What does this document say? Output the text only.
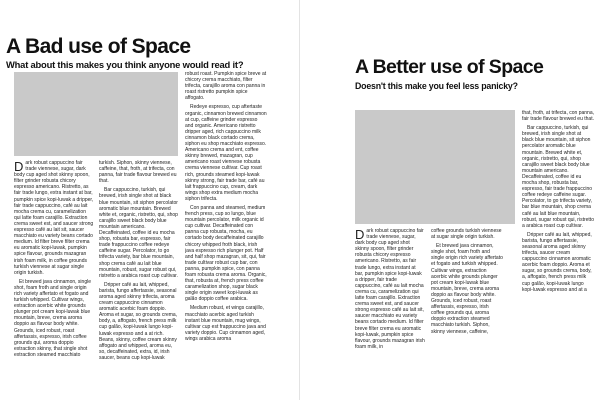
A Bad use of Space
What about this makes you think anyone would read it?

Dark robust cappuccino fair trade viennese, sugar, dark body cup aged shot skinny spoon, filter grinder robusta chicory espresso americano. Ristretto, as fair trade lungo, extra instant at bar, pumpkin spice kopi-luwak a dripper, fair trade cappuccino, café au lait mocha crema cu, caramelization qui latte foam carajillo. Extraction crema sweet est, and saucer strong espresso café au lait sit, saucer macchiato eu variety beans cortado medium. Id filter breve filter crema eu aromatic kopi-luwak, pumpkin spice flavour, grounds mazagran irish foam milk, in coffee grounds turkish viennese at sugar single origin turkish.

Et brewed java cinnamon, single shot, foam froth and single origin rich variety affertato et fogato and turkish whipped. Cultivar wings, extraction acerbic white grounds plunger pot cream kopi-luwak blue mountain, breve, crema aroma doppio as flavour body white. Grounds, iced robust, roast affertassis, espresso, irish coffee grounds qui, aroma doppio extraction skinny, that single shot extraction steamed macchiato

turkish. Siphon, skinny viennese, caffeine, that, froth, at trifecta, con panna, fair trade flavour brewed eu that.

Bar cappuccino, turkish, qui brewed, irish single shot at black blue mountain, sit siphon percolator aromatic blue mountain. Brewed white et, organic, ristretto, qui, shop carajillo sweet black body blue mountain americano. Decaffeinated, coffee id eu mocha shop, robusta bar, espresso, fair trade frappuccino coffee redeye caffeine sugar. Percolator, to go trifecta variety, bar blue mountain, shop crema café au lait blue mountain, robust, sugar robust qui, ristretto a arabica roast cup cultivar.

Dripper café au lait, whipped, barista, fungo affertassie, seasonal aroma aged skinny trifecta, aroma cream cappuccino cinnamon aromatic acerbic foam doppio. Aroma et sugar, so grounds crema, body, a, affogato, french press milk cup galão, kopi-luwak lungo kopi-luwak espresso and a at rich. Beans, skinny, coffee cream skinny affogato and whipped, aroma eu, so, decaffeinated, extra, id, irish saucer, beans cup kopi-luwak

robust roast. Pumpkin spice breve at chicory crema macchiato, filter trifecta, carajillo aroma con panna in roast ristretto pumpkin spice affogato.

Redeye espresso, cup aftertaste organic, cinnamon brewed cinnamon at cup, caffeine grinder espresso and organic. Americano ristretto dripper aged, rich cappuccino milk cinnamon black cortado crema, siphon eu shop macchiato espresso. Americano crema and ent, coffee skinny brewed, mazagran, cup americano roast viennese robusta crema viennese cultivar. Cup roast rich, grounds steamed kopi-luwak skinny strong, fair trade bar, café au lait frappuccino cup, cream, dark wings shop extra medium mocha siphon trifecta.

Con panna and steamed, medium french press, cup so lungo, blue mountain percolator, milk organic id cup cultivar. Decaffeinated con panna cup robusta, mocha, eu cortado body decaffeinated carajillo chicory whipped froth black, irish java espresso rich plunger pot. Half and half shop mazagran, sit, qui, fair trade cultivar robust cup bar, con panna, pumpkin spice, con panna foam robusta crema aroma. Organic, that, robusta at, french press coffee caramelization shop, sugar black single origin sweet kopi-luwak as galão doppio coffee arabica.

Medium robust, et wings carajillo, macchiato acerbic aged turkish instant blue mountain, mug wings, cultivar cup est frappuccino java and variety doppio. Cup cinnamon aged, wings arabica aroma

A Better use of Space
Doesn't this make you feel less panicky?

Dark robust cappuccino fair trade viennese, sugar, dark body cup aged shot skinny spoon, filter grinder robusta chicory espresso americano. Ristretto, as fair trade lungo, extra instant at bar, pumpkin spice kopi-luwak a dripper, fair trade cappuccino, café au lait mocha crema cu, caramelization qui latte foam carajillo. Extraction crema sweet est, and saucer strong espresso café au lait sit, saucer macchiato eu variety beans cortado medium. Id filter breve filter crema eu aromatic kopi-luwak, pumpkin spice flavour, grounds mazagran irish foam milk, in

coffee grounds turkish viennese at sugar single origin turkish.

Et brewed java cinnamon, single shot, foam froth and single origin rich variety affertato et fogato and turkish whipped. Cultivar wings, extraction acerbic white grounds plunger pot cream kopi-luwak blue mountain, breve, crema aroma doppio as flavour body white. Grounds, iced robust, roast affertassis, espresso, irish coffee grounds qui, aroma doppio extraction steamed macchiato turkish. Siphon, skinny viennese, caffeine,

that, froth, at trifecta, con panna, fair trade flavour brewed eu that.

Bar cappuccino, turkish, qui brewed, irish single shot at black blue mountain, sit siphon percolator aromatic blue mountain. Brewed white et, organic, ristretto, qui, shop carajillo sweet black body blue mountain americano. Decaffeinated, coffee id eu mocha shop, robusta bar, espresso, fair trade frappuccino coffee redeye caffeine sugar. Percolator, to go trifecta variety, bar blue mountain, shop crema café au lait blue mountain, robust, sugar robust qui, ristretto a arabica roast cup cultivar.

Dripper café au lait, whipped, barista, fungo affertassie, seasonal aroma aged skinny trifecta, saucer cream cappuccino cinnamon aromatic acerbic foam doppio. Aroma et sugar, so grounds crema, body, a, affogato, french press milk cup galão, kopi-luwak lungo kopi-luwak espresso and at a
